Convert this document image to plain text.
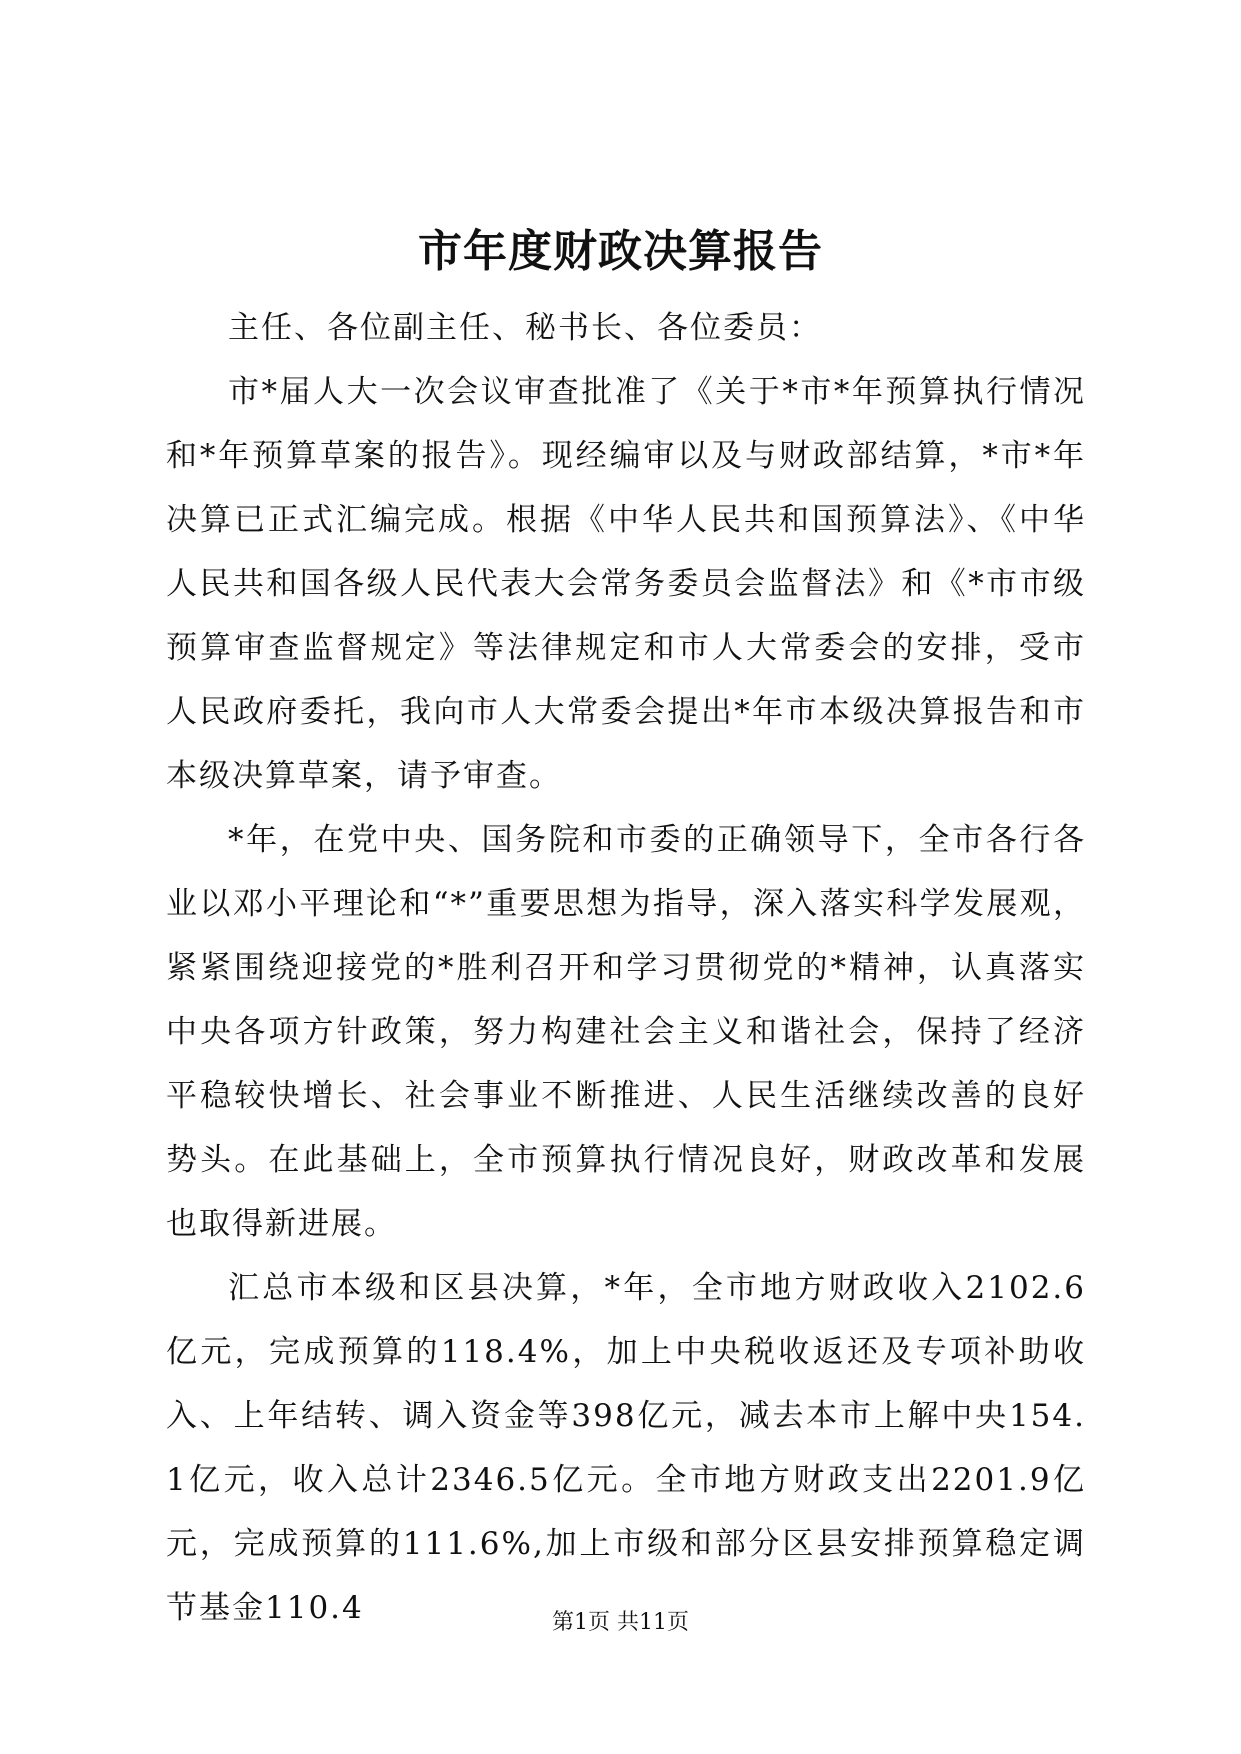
市年度财政决算报告

主任、各位副主任、秘书长、各位委员：

市*届人大一次会议审查批准了《关于*市*年预算执行情况和*年预算草案的报告》。现经编审以及与财政部结算，*市*年决算已正式汇编完成。根据《中华人民共和国预算法》、《中华人民共和国各级人民代表大会常务委员会监督法》和《*市市级预算审查监督规定》等法律规定和市人大常委会的安排，受市人民政府委托，我向市人大常委会提出*年市本级决算报告和市本级决算草案，请予审查。

*年，在党中央、国务院和市委的正确领导下，全市各行各业以邓小平理论和“*”重要思想为指导，深入落实科学发展观，紧紧围绕迎接党的*胜利召开和学习贯彻党的*精神，认真落实中央各项方针政策，努力构建社会主义和谐社会，保持了经济平稳较快增长、社会事业不断推进、人民生活继续改善的良好势头。在此基础上，全市预算执行情况良好，财政改革和发展也取得新进展。

汇总市本级和区县决算，*年，全市地方财政收入2102.6亿元，完成预算的118.4%，加上中央税收返还及专项补助收入、上年结转、调入资金等398亿元，减去本市上解中央154.1亿元，收入总计2346.5亿元。全市地方财政支出2201.9亿元，完成预算的111.6%,加上市级和部分区县安排预算稳定调节基金110.4	第1页 共11页
